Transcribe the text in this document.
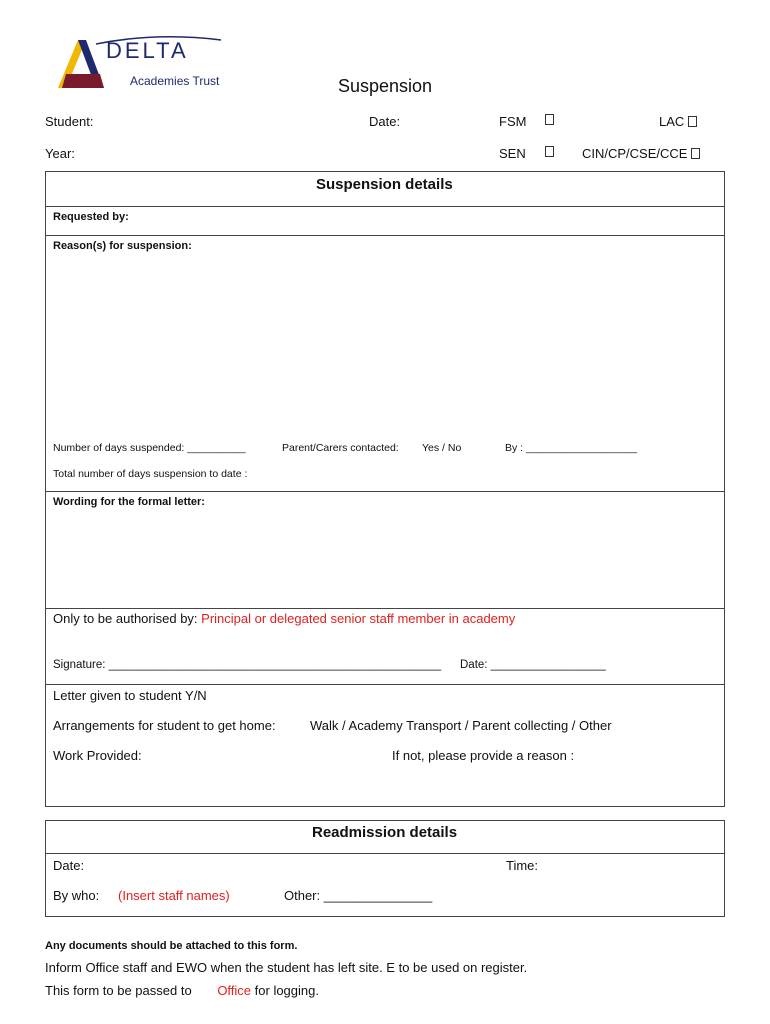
DELTA
Academies Trust	Suspension
Student:	Date:	FSM	LAC
Year:	SEN	CIN/CP/CSE/CCE
Suspension details
Requested by:
Reason(s) for suspension:
Number of days suspended: __________	Parent/Carers contacted: Yes / No	By : ___________________
Total number of days suspension to date :
Wording for the formal letter:
Only to be authorised by: Principal or delegated senior staff member in academy
Signature: ____________________________________________________	Date: __________________
Letter given to student Y/N
Arrangements for student to get home:	Walk / Academy Transport / Parent collecting / Other
Work Provided:	If not, please provide a reason :
Readmission details
Date:	Time:
By who: (Insert staff names)	Other: _______________
Any documents should be attached to this form.
Inform Office staff and EWO when the student has left site. E to be used on register.
This form to be passed to Office for logging.
